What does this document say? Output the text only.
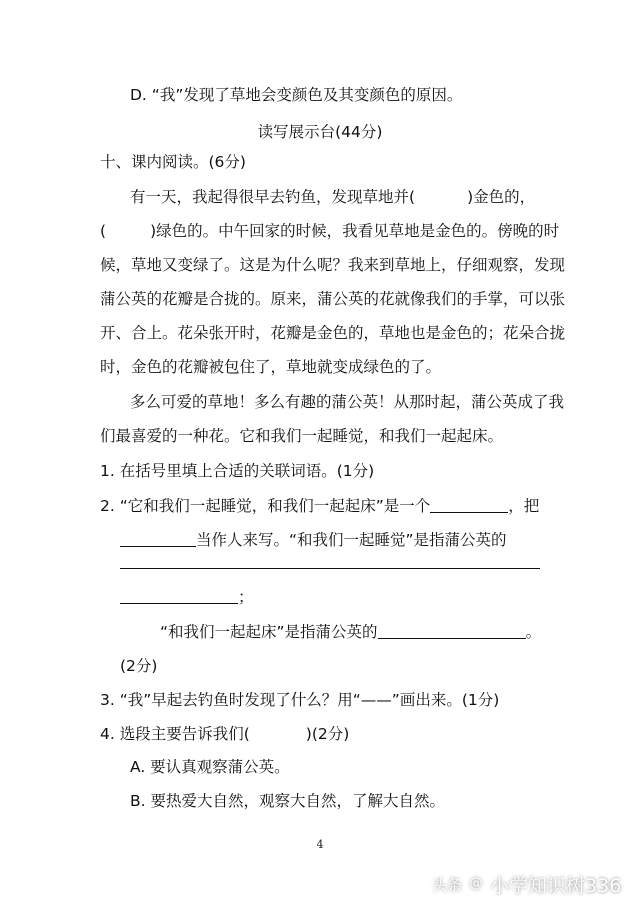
D. “我”发现了草地会变颜色及其变颜色的原因。
读写展示台(44分)
十、课内阅读。(6分)
有一天，我起得很早去钓鱼，发现草地并(	)金色的，
(	)绿色的。中午回家的时候，我看见草地是金色的。傍晚的时
候，草地又变绿了。这是为什么呢？我来到草地上，仔细观察，发现
蒲公英的花瓣是合拢的。原来，蒲公英的花就像我们的手掌，可以张
开、合上。花朵张开时，花瓣是金色的，草地也是金色的；花朵合拢
时，金色的花瓣被包住了，草地就变成绿色的了。
多么可爱的草地！多么有趣的蒲公英！从那时起，蒲公英成了我
们最喜爱的一种花。它和我们一起睡觉，和我们一起起床。
1. 在括号里填上合适的关联词语。(1分)
2. “它和我们一起睡觉，和我们一起起床”是一个	，把
当作人来写。“和我们一起睡觉”是指蒲公英的
；
“和我们一起起床”是指蒲公英的	。
(2分)
3. “我”早起去钓鱼时发现了什么？用“——”画出来。(1分)
4. 选段主要告诉我们(	)(2分)
A. 要认真观察蒲公英。
B. 要热爱大自然，观察大自然，了解大自然。
4
头条 @ 小学知识树336
